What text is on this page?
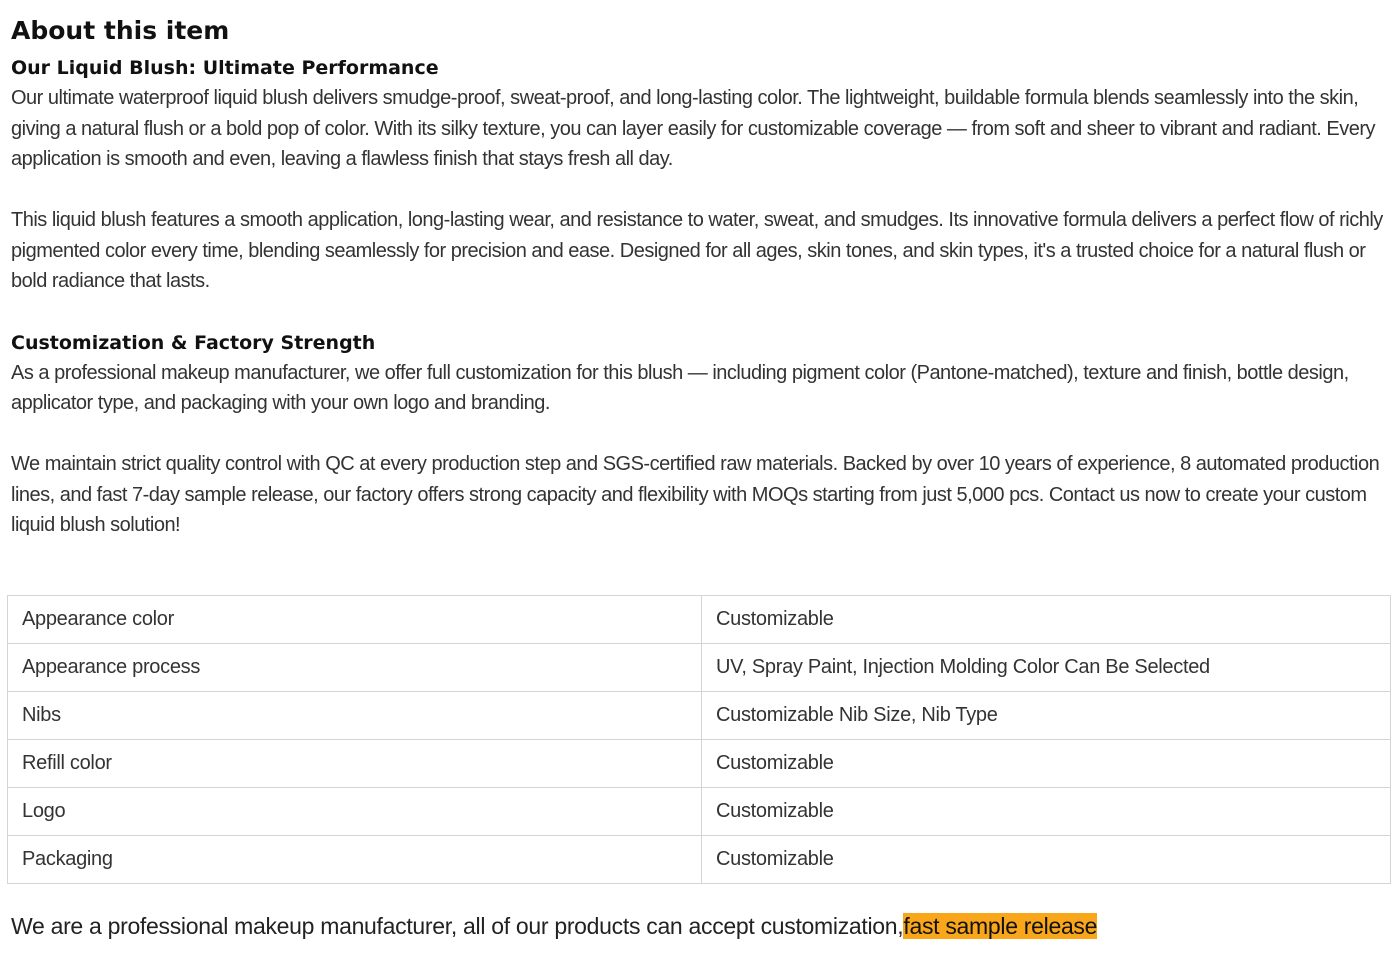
About this item
Our Liquid Blush: Ultimate Performance

Our ultimate waterproof liquid blush delivers smudge-proof, sweat-proof, and long-lasting color. The lightweight, buildable formula blends seamlessly into the skin, giving a natural flush or a bold pop of color. With its silky texture, you can layer easily for customizable coverage — from soft and sheer to vibrant and radiant. Every application is smooth and even, leaving a flawless finish that stays fresh all day.

This liquid blush features a smooth application, long-lasting wear, and resistance to water, sweat, and smudges. Its innovative formula delivers a perfect flow of richly pigmented color every time, blending seamlessly for precision and ease. Designed for all ages, skin tones, and skin types, it's a trusted choice for a natural flush or bold radiance that lasts.

Customization & Factory Strength

As a professional makeup manufacturer, we offer full customization for this blush — including pigment color (Pantone-matched), texture and finish, bottle design, applicator type, and packaging with your own logo and branding.

We maintain strict quality control with QC at every production step and SGS-certified raw materials. Backed by over 10 years of experience, 8 automated production lines, and fast 7-day sample release, our factory offers strong capacity and flexibility with MOQs starting from just 5,000 pcs. Contact us now to create your custom liquid blush solution!

Appearance color	Customizable
Appearance process	UV, Spray Paint, Injection Molding Color Can Be Selected
Nibs	Customizable Nib Size, Nib Type
Refill color	Customizable
Logo	Customizable
Packaging	Customizable
We are a professional makeup manufacturer, all of our products can accept customization,fast sample release
